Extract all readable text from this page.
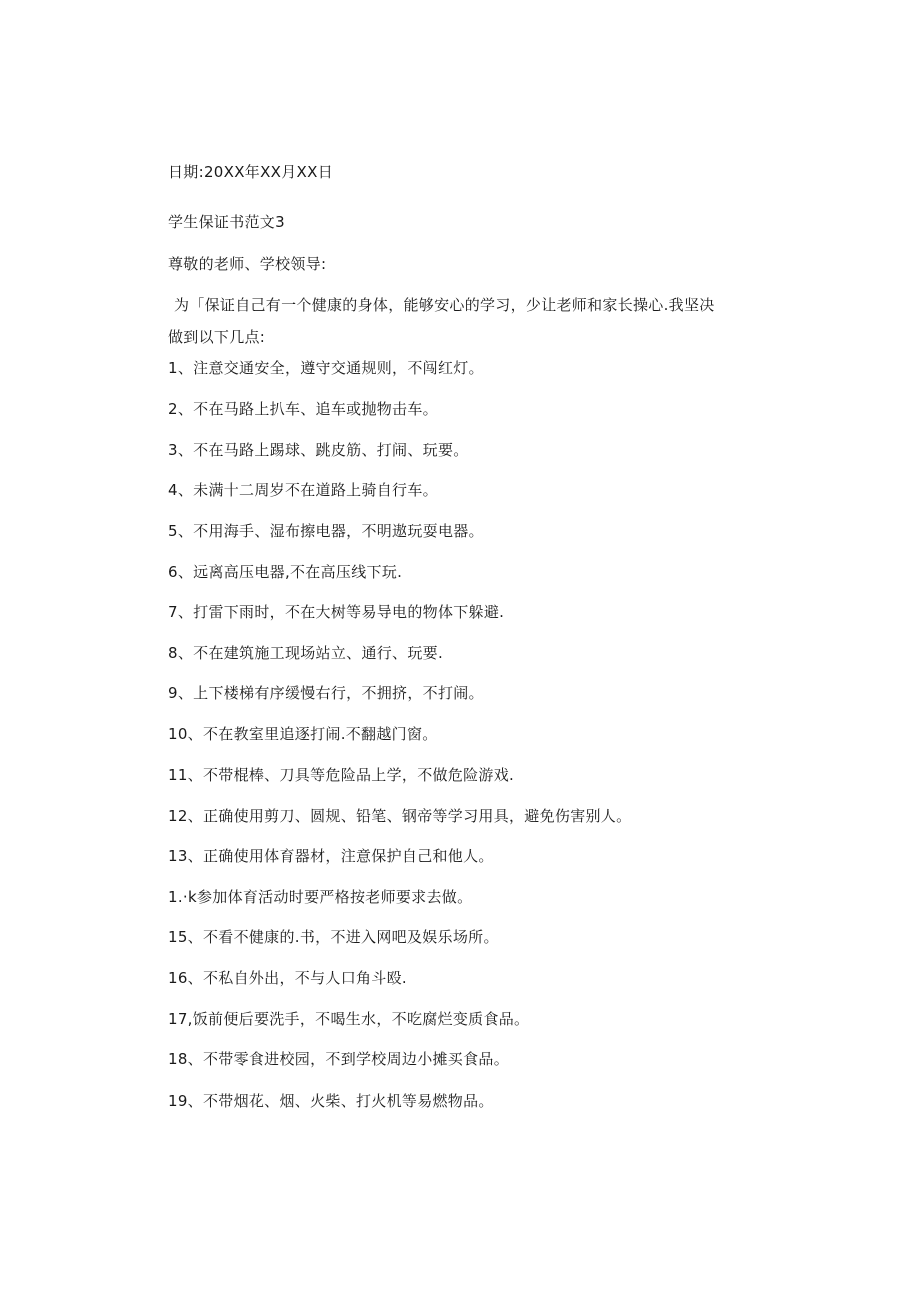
日期:20XX年XX月XX日
学生保证书范文3
尊敬的老师、学校领导:
为「保证自己有一个健康的身体，能够安心的学习，少让老师和家长操心.我坚决
做到以下几点:
1、注意交通安全，遵守交通规则，不闯红灯。
2、不在马路上扒车、追车或抛物击车。
3、不在马路上踢球、跳皮筋、打闹、玩要。
4、未满十二周岁不在道路上骑自行车。
5、不用海手、湿布擦电器，不明遨玩耍电器。
6、远离高压电器,不在高压线下玩.
7、打雷下雨时，不在大树等易导电的物体下躲避.
8、不在建筑施工现场站立、通行、玩要.
9、上下楼梯有序缓慢右行，不拥挤，不打闹。
10、不在教室里追逐打闹.不翻越门窗。
11、不带棍棒、刀具等危险品上学，不做危险游戏.
12、正确使用剪刀、圆规、铅笔、钢帝等学习用具，避免伤害别人。
13、正确使用体育器材，注意保护自己和他人。
1.·k参加体育活动时要严格按老师要求去做。
15、不看不健康的.书，不进入网吧及娱乐场所。
16、不私自外出，不与人口角斗殴.
17,饭前便后要洗手，不喝生水，不吃腐烂变质食品。
18、不带零食进校园，不到学校周边小摊买食品。
19、不带烟花、烟、火柴、打火机等易燃物品。
